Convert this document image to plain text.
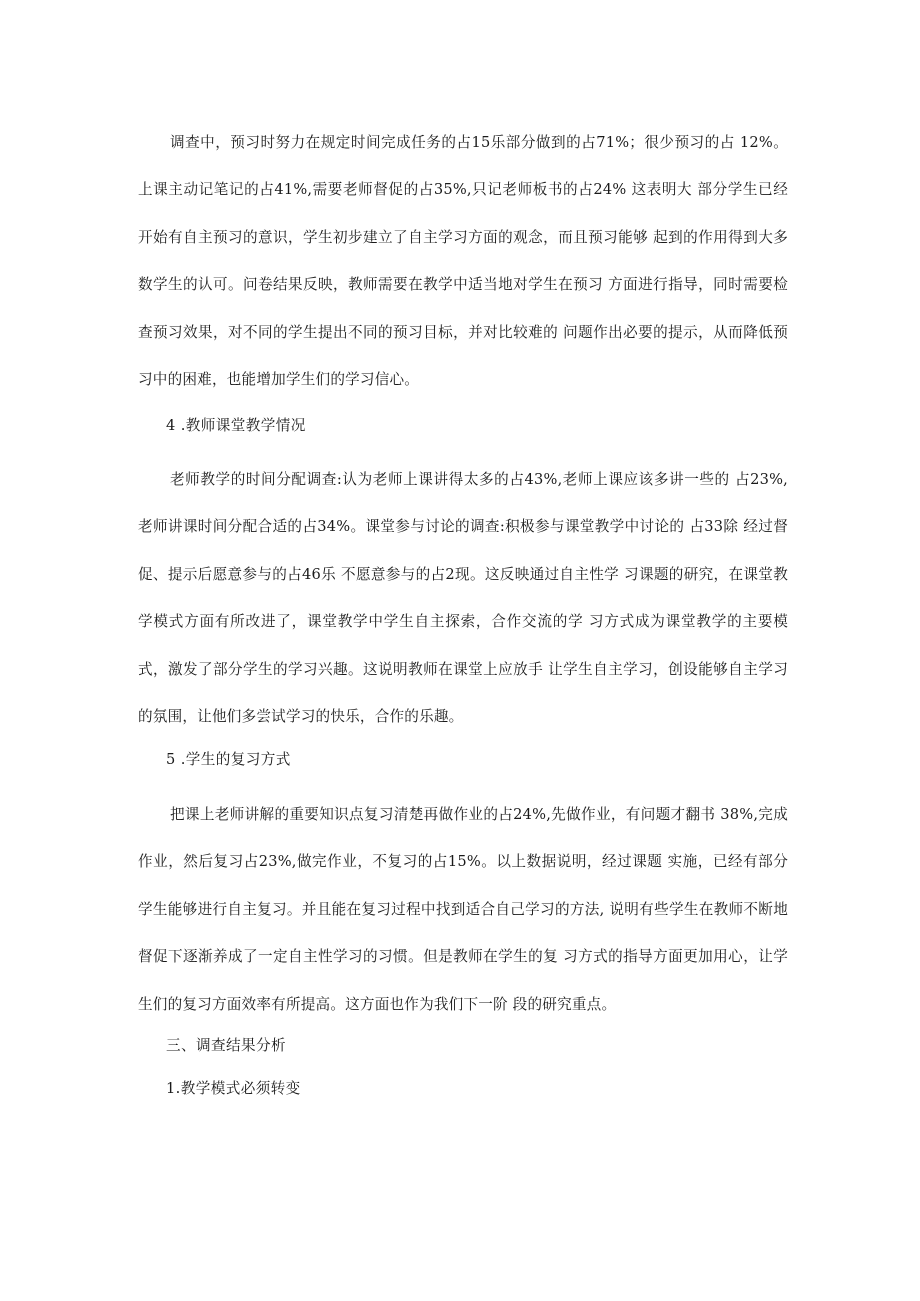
调查中，预习时努力在规定时间完成任务的占15乐部分做到的占71%；很少预习的占 12%。上课主动记笔记的占41%,需要老师督促的占35%,只记老师板书的占24% 这表明大 部分学生已经开始有自主预习的意识，学生初步建立了自主学习方面的观念，而且预习能够 起到的作用得到大多数学生的认可。问卷结果反映，教师需要在教学中适当地对学生在预习 方面进行指导，同时需要检查预习效果，对不同的学生提出不同的预习目标，并对比较难的 问题作出必要的提示，从而降低预习中的困难，也能增加学生们的学习信心。

4 .教师课堂教学情况

老师教学的时间分配调查:认为老师上课讲得太多的占43%,老师上课应该多讲一些的 占23%,老师讲课时间分配合适的占34%。课堂参与讨论的调查:积极参与课堂教学中讨论的 占33除 经过督促、提示后愿意参与的占46乐 不愿意参与的占2现。这反映通过自主性学 习课题的研究，在课堂教学模式方面有所改进了，课堂教学中学生自主探索，合作交流的学 习方式成为课堂教学的主要模式，激发了部分学生的学习兴趣。这说明教师在课堂上应放手 让学生自主学习，创设能够自主学习的氛围，让他们多尝试学习的快乐，合作的乐趣。

5 .学生的复习方式

把课上老师讲解的重要知识点复习清楚再做作业的占24%,先做作业，有问题才翻书 38%,完成作业，然后复习占23%,做完作业，不复习的占15%。以上数据说明，经过课题 实施，已经有部分学生能够进行自主复习。并且能在复习过程中找到适合自己学习的方法, 说明有些学生在教师不断地督促下逐渐养成了一定自主性学习的习惯。但是教师在学生的复 习方式的指导方面更加用心，让学生们的复习方面效率有所提高。这方面也作为我们下一阶 段的研究重点。

三、调查结果分析

1.教学模式必须转变
